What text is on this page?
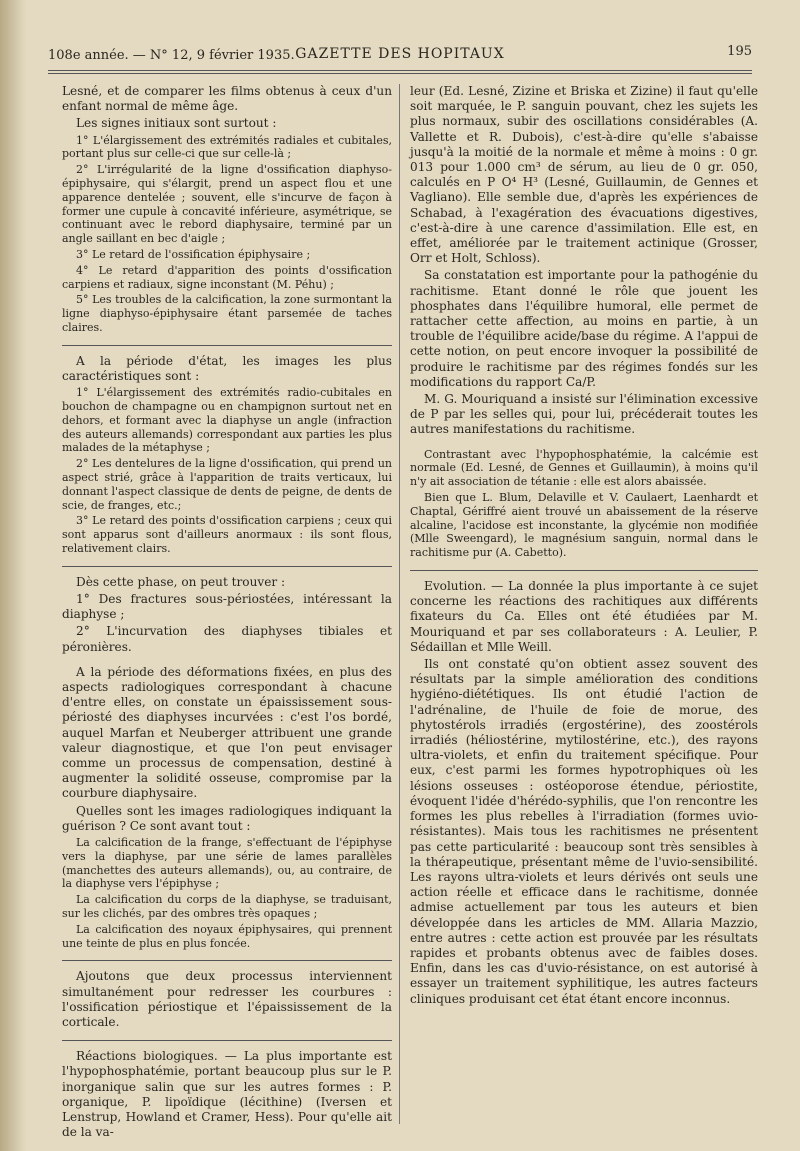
108e année. — N° 12, 9 février 1935. GAZETTE DES HOPITAUX	195

Lesné, et de comparer les films obtenus à ceux d'un enfant normal de même âge.

Les signes initiaux sont surtout :

1° L'élargissement des extrémités radiales et cubitales, portant plus sur celle-ci que sur celle-là ;

2° L'irrégularité de la ligne d'ossification diaphyso-épiphysaire, qui s'élargit, prend un aspect flou et une apparence dentelée ; souvent, elle s'incurve de façon à former une cupule à concavité inférieure, asymétrique, se continuant avec le rebord diaphysaire, terminé par un angle saillant en bec d'aigle ;

3° Le retard de l'ossification épiphysaire ;

4° Le retard d'apparition des points d'ossification carpiens et radiaux, signe inconstant (M. Péhu) ;

5° Les troubles de la calcification, la zone surmontant la ligne diaphyso-épiphysaire étant parsemée de taches claires.

A la période d'état, les images les plus caractéristiques sont :

1° L'élargissement des extrémités radio-cubitales en bouchon de champagne ou en champignon surtout net en dehors, et formant avec la diaphyse un angle (infraction des auteurs allemands) correspondant aux parties les plus malades de la métaphyse ;

2° Les dentelures de la ligne d'ossification, qui prend un aspect strié, grâce à l'apparition de traits verticaux, lui donnant l'aspect classique de dents de peigne, de dents de scie, de franges, etc.;

3° Le retard des points d'ossification carpiens ; ceux qui sont apparus sont d'ailleurs anormaux : ils sont flous, relativement clairs.

Dès cette phase, on peut trouver :

1° Des fractures sous-périostées, intéressant la diaphyse ;

2° L'incurvation des diaphyses tibiales et péronières.

A la période des déformations fixées, en plus des aspects radiologiques correspondant à chacune d'entre elles, on constate un épaississement sous-périosté des diaphyses incurvées : c'est l'os bordé, auquel Marfan et Neuberger attribuent une grande valeur diagnostique, et que l'on peut envisager comme un processus de compensation, destiné à augmenter la solidité osseuse, compromise par la courbure diaphysaire.

Quelles sont les images radiologiques indiquant la guérison ? Ce sont avant tout :

La calcification de la frange, s'effectuant de l'épiphyse vers la diaphyse, par une série de lames parallèles (manchettes des auteurs allemands), ou, au contraire, de la diaphyse vers l'épiphyse ;

La calcification du corps de la diaphyse, se traduisant, sur les clichés, par des ombres très opaques ;

La calcification des noyaux épiphysaires, qui prennent une teinte de plus en plus foncée.

Ajoutons que deux processus interviennent simultanément pour redresser les courbures : l'ossification périostique et l'épaississement de la corticale.

Réactions biologiques. — La plus importante est l'hypophosphatémie, portant beaucoup plus sur le P. inorganique salin que sur les autres formes : P. organique, P. lipoïdique (lécithine) (Iversen et Lenstrup, Howland et Cramer, Hess). Pour qu'elle ait de la va-

leur (Ed. Lesné, Zizine et Briska et Zizine) il faut qu'elle soit marquée, le P. sanguin pouvant, chez les sujets les plus normaux, subir des oscillations considérables (A. Vallette et R. Dubois), c'est-à-dire qu'elle s'abaisse jusqu'à la moitié de la normale et même à moins : 0 gr. 013 pour 1.000 cm³ de sérum, au lieu de 0 gr. 050, calculés en P O⁴ H³ (Lesné, Guillaumin, de Gennes et Vagliano). Elle semble due, d'après les expériences de Schabad, à l'exagération des évacuations digestives, c'est-à-dire à une carence d'assimilation. Elle est, en effet, améliorée par le traitement actinique (Grosser, Orr et Holt, Schloss).

Sa constatation est importante pour la pathogénie du rachitisme. Etant donné le rôle que jouent les phosphates dans l'équilibre humoral, elle permet de rattacher cette affection, au moins en partie, à un trouble de l'équilibre acide/base du régime. A l'appui de cette notion, on peut encore invoquer la possibilité de produire le rachitisme par des régimes fondés sur les modifications du rapport Ca/P.

M. G. Mouriquand a insisté sur l'élimination excessive de P par les selles qui, pour lui, précéderait toutes les autres manifestations du rachitisme.

Contrastant avec l'hypophosphatémie, la calcémie est normale (Ed. Lesné, de Gennes et Guillaumin), à moins qu'il n'y ait association de tétanie : elle est alors abaissée.

Bien que L. Blum, Delaville et V. Caulaert, Laenhardt et Chaptal, Gériffré aient trouvé un abaissement de la réserve alcaline, l'acidose est inconstante, la glycémie non modifiée (Mlle Sweengard), le magnésium sanguin, normal dans le rachitisme pur (A. Cabetto).

Evolution. — La donnée la plus importante à ce sujet concerne les réactions des rachitiques aux différents fixateurs du Ca. Elles ont été étudiées par M. Mouriquand et par ses collaborateurs : A. Leulier, P. Sédaillan et Mlle Weill.

Ils ont constaté qu'on obtient assez souvent des résultats par la simple amélioration des conditions hygiéno-diététiques. Ils ont étudié l'action de l'adrénaline, de l'huile de foie de morue, des phytostérols irradiés (ergostérine), des zoostérols irradiés (héliostérine, mytilostérine, etc.), des rayons ultra-violets, et enfin du traitement spécifique. Pour eux, c'est parmi les formes hypotrophiques où les lésions osseuses : ostéoporose étendue, périostite, évoquent l'idée d'hérédo-syphilis, que l'on rencontre les formes les plus rebelles à l'irradiation (formes uvio-résistantes). Mais tous les rachitismes ne présentent pas cette particularité : beaucoup sont très sensibles à la thérapeutique, présentant même de l'uvio-sensibilité. Les rayons ultra-violets et leurs dérivés ont seuls une action réelle et efficace dans le rachitisme, donnée admise actuellement par tous les auteurs et bien développée dans les articles de MM. Allaria Mazzio, entre autres : cette action est prouvée par les résultats rapides et probants obtenus avec de faibles doses. Enfin, dans les cas d'uvio-résistance, on est autorisé à essayer un traitement syphilitique, les autres facteurs cliniques produisant cet état étant encore inconnus.
